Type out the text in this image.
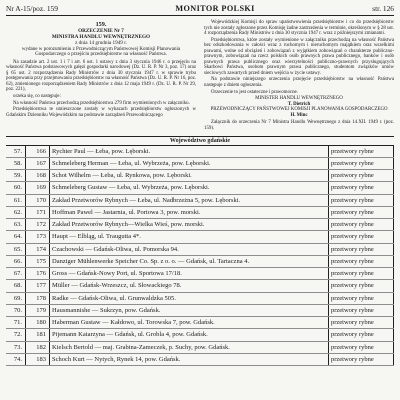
Nr A-15/poz. 159	MONITOR POLSKI	str. 126
159.
ORZECZENIE Nr 7
MINISTRA HANDLU WEWNĘTRZNEGO
z dnia 14 grudnia 1949 r.
wydane w porozumieniu z Przewodniczącym Państwowej Komisji Planowania Gospodarczego o przejściu przedsiębiorstw na własność Państwa.

Na zasadzie art. 2 ust. 1 i 7 i art. 6 ust. 1 ustawy z dnia 3 stycznia 1946 r. o przejęciu na własność Państwa podstawowych gałęzi gospodarki narodowej (Dz. U. R. P. Nr 3, poz. 17) oraz § 65 ust. 2 rozporządzenia Rady Ministrów z dnia 30 stycznia 1947 r. w sprawie trybu postępowania przy przejmowaniu przedsiębiorstw na własność Państwa (Dz. U. R. P. Nr 16, poz. 62), zmienionego rozporządzeniem Rady Ministrów z dnia 12 maja 1949 r. (Dz. U. R. P. Nr 29, poz. 221),

orzeka się, co następuje:

Na własność Państwa przechodzą przedsiębiorstwa 279 firm wymienionych w załączniku.

Przedsiębiorstwa te umieszczone zostały w wykazach przedsiębiorstw ogłoszonych w Gdańskim Dzienniku Wojewódzkim na podstawie zarządzeń Przewodniczącego

Wojewódzkiej Komisji do spraw upaństwowienia przedsiębiorstw i co do przedsiębiorstw tych nie zostały zgłoszone przez Komisję żadne zastrzeżenia w terminie, określonym w § 28 ust. 4 rozporządzenia Rady Ministrów z dnia 30 stycznia 1947 r. wraz z późniejszymi zmianami.

Przedsiębiorstwa, które zostały wymienione w załączniku przechodzą na własność Państwa bez odszkodowania w całości wraz z ruchomym i nieruchomym majątkiem oraz wszelkimi prawami, wolne od obciążeń i zobowiązań z wyjątkiem zobowiązań o charakterze publiczno-prawnym, zobowiązań na rzecz polskich osób prawnych prawa publicznego, banków i osób prawnych prawa publicznego oraz wierzytelności publiczno-prawnych przysługujących Skarbowi Państwa, osobom prawnym prawa publicznego, studentom związków umów sieciowych zawartych przed dniem wejścia w życie ustawy.

Na podstawie niniejszego orzeczenia przejęcie przedsiębiorstw na własność Państwa następuje z dniem ogłoszenia.

Orzeczenie to jest ostateczne i prawomocne.

MINISTER HANDLU WEWNĘTRZNEGO
T. Dietrich
PRZEWODNICZĄCY PAŃSTWOWEJ KOMISJI PLANOWANIA GOSPODARCZEGO
H. Minc
Załącznik do orzeczenia Nr 7 Ministra Handlu Wewnętrznego z dnia 14.XII. 1949 r. (poz. 159).
Województwo gdańskie
57.	166	Rychter Paul — Łeba, pow. Lęborski.	przetwory rybne
58.	167	Schmeleberg Herman — Łeba, ul. Wybrzeża, pow. Lęborski.	przetwory rybne
59.	168	Schot Wilhelm — Łeba, ul. Rynkowa, pow. Lęborski.	przetwory rybne
60.	169	Schmeleberg Gustaw — Łeba, ul. Wybrzeża, pow. Lęborski.	przetwory rybne
61.	170	Zakład Przetworów Rybnych — Łeba, ul. Nadbrzeżna 5, pow. Lęborski.	przetwory rybne
62.	171	Hoffman Pawel — Jastarnia, ul. Portowa 3, pow. morski.	przetwory rybne
63.	172	Zakład Przetworów Rybnych—Wielka Wieś, pow. morski.	przetwory rybne
64.	173	Haupt — Elbląg, ul. Traugutta 4*.	przetwory rybne
65.	174	Czachowski — Gdańsk-Oliwa, ul. Pomorska 94.	przetwory rybne
66.	175	Danziger Mühlenwerke Speicher Co. Sp. z o. o. — Gdańsk, ul. Tartaczna 4.	przetwory rybne
67.	176	Gross — Gdańsk-Nowy Port, ul. Sportowa 17/18.	przetwory rybne
68.	177	Müller — Gdańsk-Wrzeszcz, ul. Słowackiego 78.	przetwory rybne
69.	178	Radke — Gdańsk-Oliwa, ul. Grunwaldzka 505.	przetwory rybne
70.	179	Hausmannishe — Sukrzyn, pow. Gdańsk.	przetwory rybne
71.	180	Haberman Gustaw — Kałdowo, ul. Torowska 7, pow. Gdańsk.	przetwory rybne
72.	181	Pijemann Katarzyna — Gdańsk, ul. Grobla 4, pow. Gdańsk.	przetwory rybne
73.	182	Kielsch Bertold — maj. Grabina-Zameczek, p. Suchy, pow. Gdańsk.	przetwory rybne
74.	183	Schoch Kurt — Nytych, Rynek 14, pow. Gdańsk.	przetwory rybne
